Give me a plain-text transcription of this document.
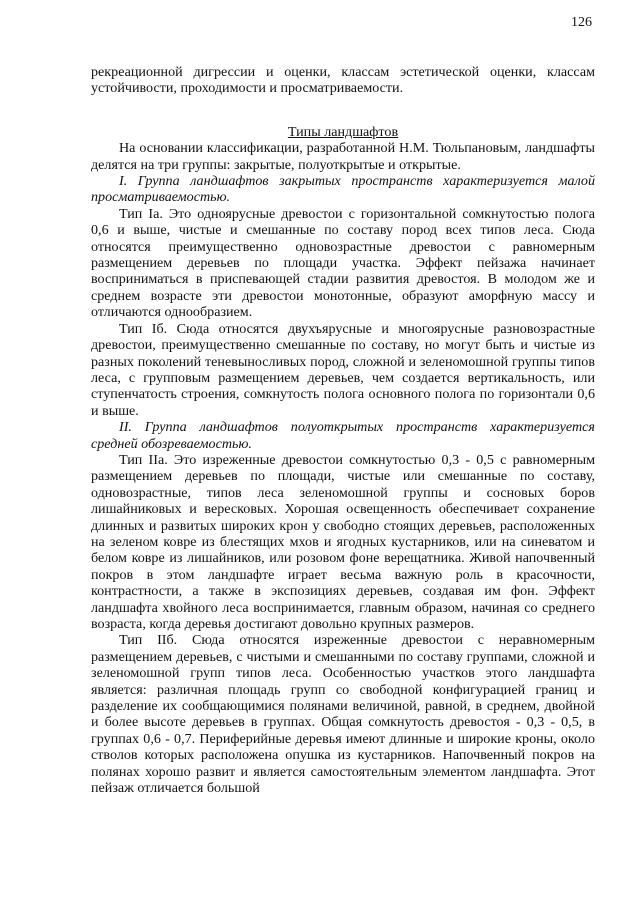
126

рекреационной дигрессии и оценки, классам эстетической оценки, классам устойчивости, проходимости и просматриваемости.

Типы ландшафтов

На основании классификации, разработанной Н.М. Тюльпановым, ландшафты делятся на три группы: закрытые, полуоткрытые и открытые.

I. Группа ландшафтов закрытых пространств характеризуется малой просматриваемостью.

Тип Iа. Это одноярусные древостои с горизонтальной сомкнутостью полога 0,6 и выше, чистые и смешанные по составу пород всех типов леса. Сюда относятся преимущественно одновозрастные древостои с равномерным размещением деревьев по площади участка. Эффект пейзажа начинает восприниматься в приспевающей стадии развития древостоя. В молодом же и среднем возрасте эти древостои монотонные, образуют аморфную массу и отличаются однообразием.

Тип Iб. Сюда относятся двухъярусные и многоярусные разновозрастные древостои, преимущественно смешанные по составу, но могут быть и чистые из разных поколений теневыносливых пород, сложной и зеленомошной группы типов леса, с групповым размещением деревьев, чем создается вертикальность, или ступенчатость строения, сомкнутость полога основного полога по горизонтали 0,6 и выше.

II. Группа ландшафтов полуоткрытых пространств характеризуется средней обозреваемостью.

Тип IIа. Это изреженные древостои сомкнутостью 0,3 - 0,5 с равномерным размещением деревьев по площади, чистые или смешанные по составу, одновозрастные, типов леса зеленомошной группы и сосновых боров лишайниковых и вересковых. Хорошая освещенность обеспечивает сохранение длинных и развитых широких крон у свободно стоящих деревьев, расположенных на зеленом ковре из блестящих мхов и ягодных кустарников, или на синеватом и белом ковре из лишайников, или розовом фоне верещатника. Живой напочвенный покров в этом ландшафте играет весьма важную роль в красочности, контрастности, а также в экспозициях деревьев, создавая им фон. Эффект ландшафта хвойного леса воспринимается, главным образом, начиная со среднего возраста, когда деревья достигают довольно крупных размеров.

Тип IIб. Сюда относятся изреженные древостои с неравномерным размещением деревьев, с чистыми и смешанными по составу группами, сложной и зеленомошной групп типов леса. Особенностью участков этого ландшафта является: различная площадь групп со свободной конфигурацией границ и разделение их сообщающимися полянами величиной, равной, в среднем, двойной и более высоте деревьев в группах. Общая сомкнутость древостоя - 0,3 - 0,5, в группах 0,6 - 0,7. Периферийные деревья имеют длинные и широкие кроны, около стволов которых расположена опушка из кустарников. Напочвенный покров на полянах хорошо развит и является самостоятельным элементом ландшафта. Этот пейзаж отличается большой
